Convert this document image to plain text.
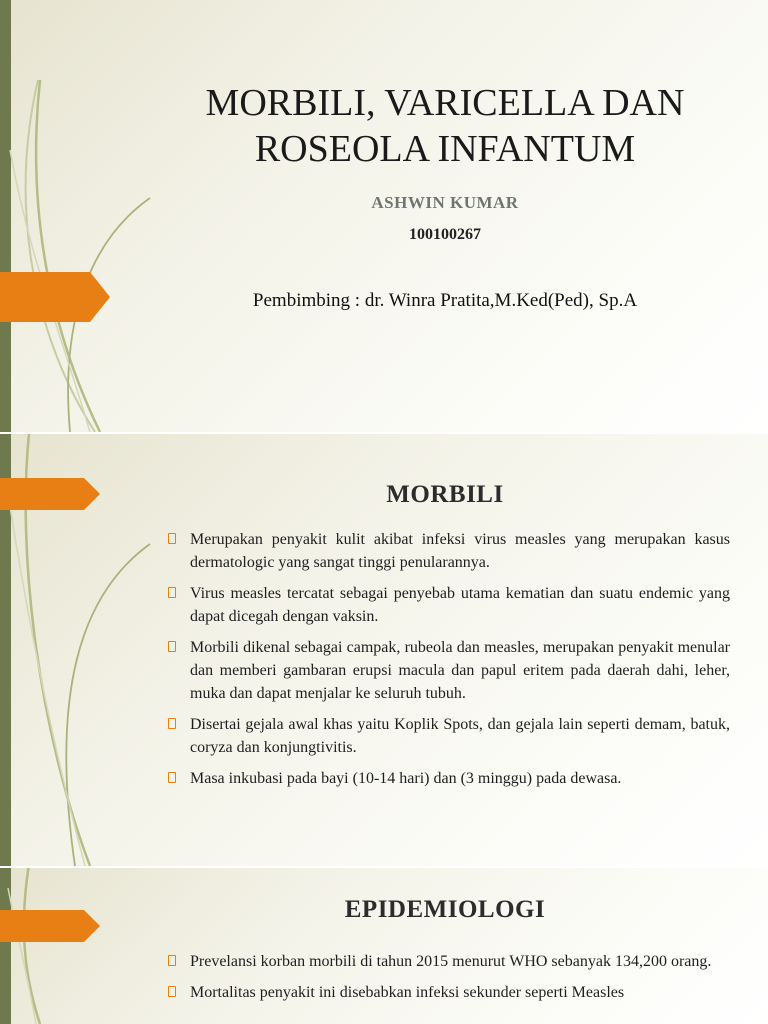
MORBILI, VARICELLA DAN
ROSEOLA INFANTUM
ASHWIN KUMAR
100100267
Pembimbing : dr. Winra Pratita,M.Ked(Ped), Sp.A
MORBILI
Merupakan penyakit kulit akibat infeksi virus measles yang merupakan kasus dermatologic yang sangat tinggi penularannya.
Virus measles tercatat sebagai penyebab utama kematian dan suatu endemic yang dapat dicegah dengan vaksin.
Morbili dikenal sebagai campak, rubeola dan measles, merupakan penyakit menular dan memberi gambaran erupsi macula dan papul eritem pada daerah dahi, leher, muka dan dapat menjalar ke seluruh tubuh.
Disertai gejala awal khas yaitu Koplik Spots, dan gejala lain seperti demam, batuk, coryza dan konjungtivitis.
Masa inkubasi pada bayi (10-14 hari) dan (3 minggu) pada dewasa.
EPIDEMIOLOGI
Prevelansi korban morbili di tahun 2015 menurut WHO sebanyak 134,200 orang.
Mortalitas penyakit ini disebabkan infeksi sekunder seperti Measles
